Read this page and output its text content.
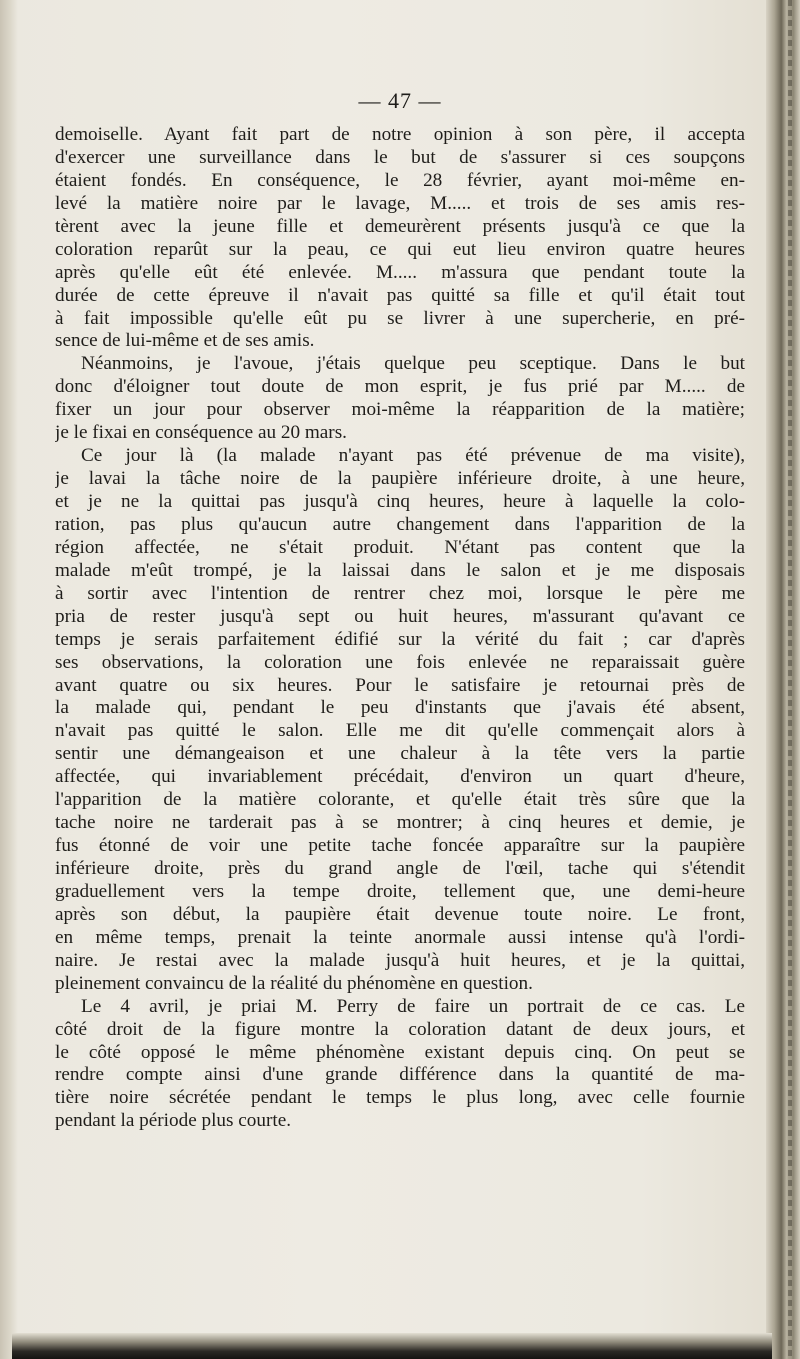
— 47 —
demoiselle. Ayant fait part de notre opinion à son père, il accepta
d'exercer une surveillance dans le but de s'assurer si ces soupçons
étaient fondés. En conséquence, le 28 février, ayant moi-même en-
levé la matière noire par le lavage, M..... et trois de ses amis res-
tèrent avec la jeune fille et demeurèrent présents jusqu'à ce que la
coloration reparût sur la peau, ce qui eut lieu environ quatre heures
après qu'elle eût été enlevée. M..... m'assura que pendant toute la
durée de cette épreuve il n'avait pas quitté sa fille et qu'il était tout
à fait impossible qu'elle eût pu se livrer à une supercherie, en pré-
sence de lui-même et de ses amis.
Néanmoins, je l'avoue, j'étais quelque peu sceptique. Dans le but
donc d'éloigner tout doute de mon esprit, je fus prié par M..... de
fixer un jour pour observer moi-même la réapparition de la matière;
je le fixai en conséquence au 20 mars.
Ce jour là (la malade n'ayant pas été prévenue de ma visite),
je lavai la tâche noire de la paupière inférieure droite, à une heure,
et je ne la quittai pas jusqu'à cinq heures, heure à laquelle la colo-
ration, pas plus qu'aucun autre changement dans l'apparition de la
région affectée, ne s'était produit. N'étant pas content que la
malade m'eût trompé, je la laissai dans le salon et je me disposais
à sortir avec l'intention de rentrer chez moi, lorsque le père me
pria de rester jusqu'à sept ou huit heures, m'assurant qu'avant ce
temps je serais parfaitement édifié sur la vérité du fait ; car d'après
ses observations, la coloration une fois enlevée ne reparaissait guère
avant quatre ou six heures. Pour le satisfaire je retournai près de
la malade qui, pendant le peu d'instants que j'avais été absent,
n'avait pas quitté le salon. Elle me dit qu'elle commençait alors à
sentir une démangeaison et une chaleur à la tête vers la partie
affectée, qui invariablement précédait, d'environ un quart d'heure,
l'apparition de la matière colorante, et qu'elle était très sûre que la
tache noire ne tarderait pas à se montrer; à cinq heures et demie, je
fus étonné de voir une petite tache foncée apparaître sur la paupière
inférieure droite, près du grand angle de l'œil, tache qui s'étendit
graduellement vers la tempe droite, tellement que, une demi-heure
après son début, la paupière était devenue toute noire. Le front,
en même temps, prenait la teinte anormale aussi intense qu'à l'ordi-
naire. Je restai avec la malade jusqu'à huit heures, et je la quittai,
pleinement convaincu de la réalité du phénomène en question.
Le 4 avril, je priai M. Perry de faire un portrait de ce cas. Le
côté droit de la figure montre la coloration datant de deux jours, et
le côté opposé le même phénomène existant depuis cinq. On peut se
rendre compte ainsi d'une grande différence dans la quantité de ma-
tière noire sécrétée pendant le temps le plus long, avec celle fournie
pendant la période plus courte.
